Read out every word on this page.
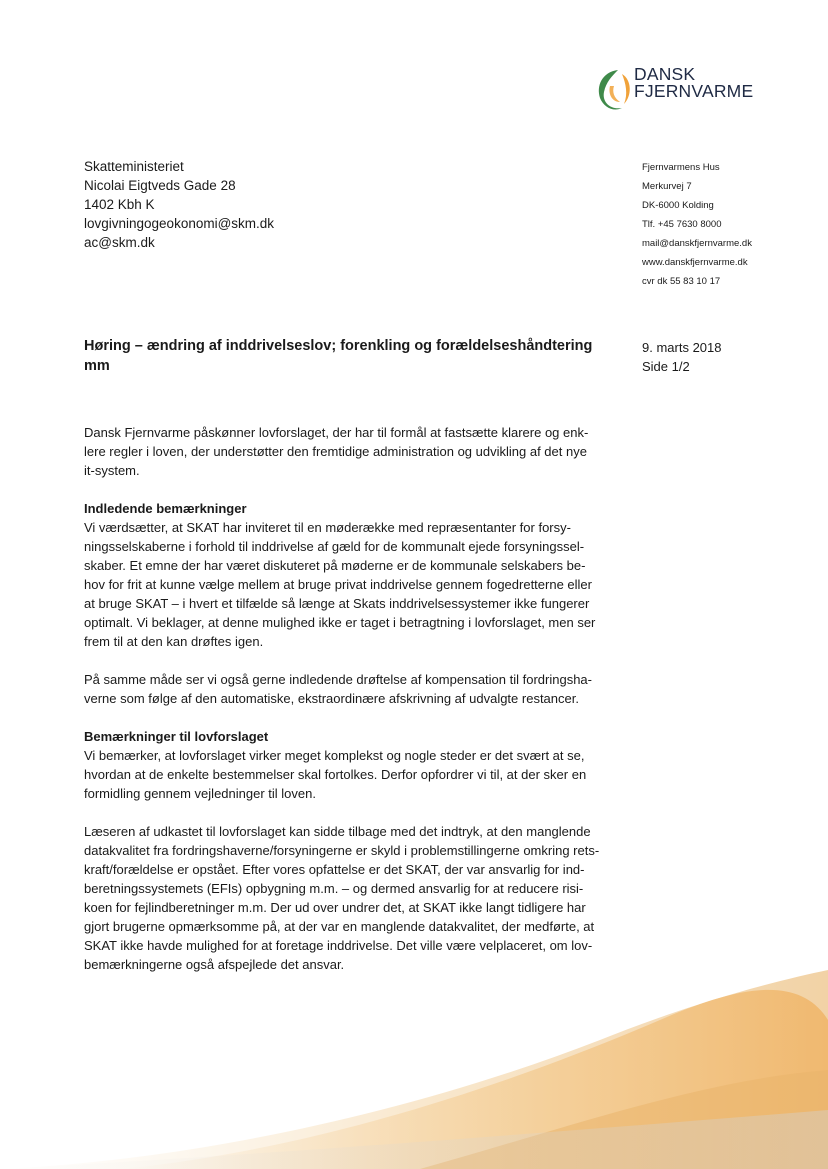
DANSK
FJERNVARME
Skatteministeriet
Nicolai Eigtveds Gade 28
1402 Kbh K
lovgivningogeokonomi@skm.dk
ac@skm.dk
Fjernvarmens Hus
Merkurvej 7
DK-6000 Kolding
Tlf. +45 7630 8000
mail@danskfjernvarme.dk
www.danskfjernvarme.dk
cvr dk 55 83 10 17
Høring – ændring af inddrivelseslov; forenkling og forældelseshåndtering
mm
9. marts 2018
Side 1/2

Dansk Fjernvarme påskønner lovforslaget, der har til formål at fastsætte klarere og enk-
lere regler i loven, der understøtter den fremtidige administration og udvikling af det nye
it-system.

Indledende bemærkninger

Vi værdsætter, at SKAT har inviteret til en møderække med repræsentanter for forsy-
ningsselskaberne i forhold til inddrivelse af gæld for de kommunalt ejede forsyningssel-
skaber. Et emne der har været diskuteret på møderne er de kommunale selskabers be-
hov for frit at kunne vælge mellem at bruge privat inddrivelse gennem fogedretterne eller
at bruge SKAT – i hvert et tilfælde så længe at Skats inddrivelsessystemer ikke fungerer
optimalt. Vi beklager, at denne mulighed ikke er taget i betragtning i lovforslaget, men ser
frem til at den kan drøftes igen.

På samme måde ser vi også gerne indledende drøftelse af kompensation til fordringsha-
verne som følge af den automatiske, ekstraordinære afskrivning af udvalgte restancer.

Bemærkninger til lovforslaget

Vi bemærker, at lovforslaget virker meget komplekst og nogle steder er det svært at se,
hvordan at de enkelte bestemmelser skal fortolkes. Derfor opfordrer vi til, at der sker en
formidling gennem vejledninger til loven.

Læseren af udkastet til lovforslaget kan sidde tilbage med det indtryk, at den manglende
datakvalitet fra fordringshaverne/forsyningerne er skyld i problemstillingerne omkring rets-
kraft/forældelse er opstået. Efter vores opfattelse er det SKAT, der var ansvarlig for ind-
beretningssystemets (EFIs) opbygning m.m. – og dermed ansvarlig for at reducere risi-
koen for fejlindberetninger m.m. Der ud over undrer det, at SKAT ikke langt tidligere har
gjort brugerne opmærksomme på, at der var en manglende datakvalitet, der medførte, at
SKAT ikke havde mulighed for at foretage inddrivelse. Det ville være velplaceret, om lov-
bemærkningerne også afspejlede det ansvar.
